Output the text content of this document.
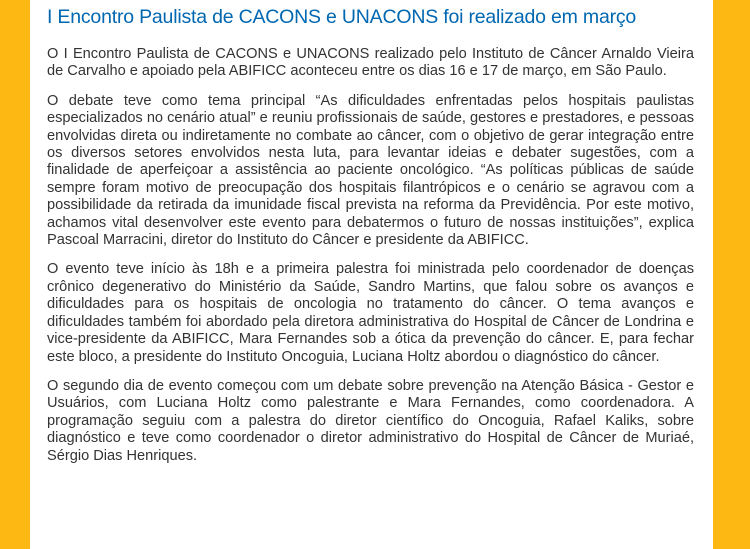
I Encontro Paulista de CACONS e UNACONS foi realizado em março

O I Encontro Paulista de CACONS e UNACONS realizado pelo Instituto de Câncer Arnaldo Vieira de Carvalho e apoiado pela ABIFICC aconteceu entre os dias 16 e 17 de março, em São Paulo.

O debate teve como tema principal “As dificuldades enfrentadas pelos hospitais paulistas especializados no cenário atual” e reuniu profissionais de saúde, gestores e prestadores, e pessoas envolvidas direta ou indiretamente no combate ao câncer, com o objetivo de gerar integração entre os diversos setores envolvidos nesta luta, para levantar ideias e debater sugestões, com a finalidade de aperfeiçoar a assistência ao paciente oncológico. “As políticas públicas de saúde sempre foram motivo de preocupação dos hospitais filantrópicos e o cenário se agravou com a possibilidade da retirada da imunidade fiscal prevista na reforma da Previdência. Por este motivo, achamos vital desenvolver este evento para debatermos o futuro de nossas instituições”, explica Pascoal Marracini, diretor do Instituto do Câncer e presidente da ABIFICC.

O evento teve início às 18h e a primeira palestra foi ministrada pelo coordenador de doenças crônico degenerativo do Ministério da Saúde, Sandro Martins, que falou sobre os avanços e dificuldades para os hospitais de oncologia no tratamento do câncer. O tema avanços e dificuldades também foi abordado pela diretora administrativa do Hospital de Câncer de Londrina e vice-presidente da ABIFICC, Mara Fernandes sob a ótica da prevenção do câncer. E, para fechar este bloco, a presidente do Instituto Oncoguia, Luciana Holtz abordou o diagnóstico do câncer.

O segundo dia de evento começou com um debate sobre prevenção na Atenção Básica - Gestor e Usuários, com Luciana Holtz como palestrante e Mara Fernandes, como coordenadora. A programação seguiu com a palestra do diretor científico do Oncoguia, Rafael Kaliks, sobre diagnóstico e teve como coordenador o diretor administrativo do Hospital de Câncer de Muriaé, Sérgio Dias Henriques.
